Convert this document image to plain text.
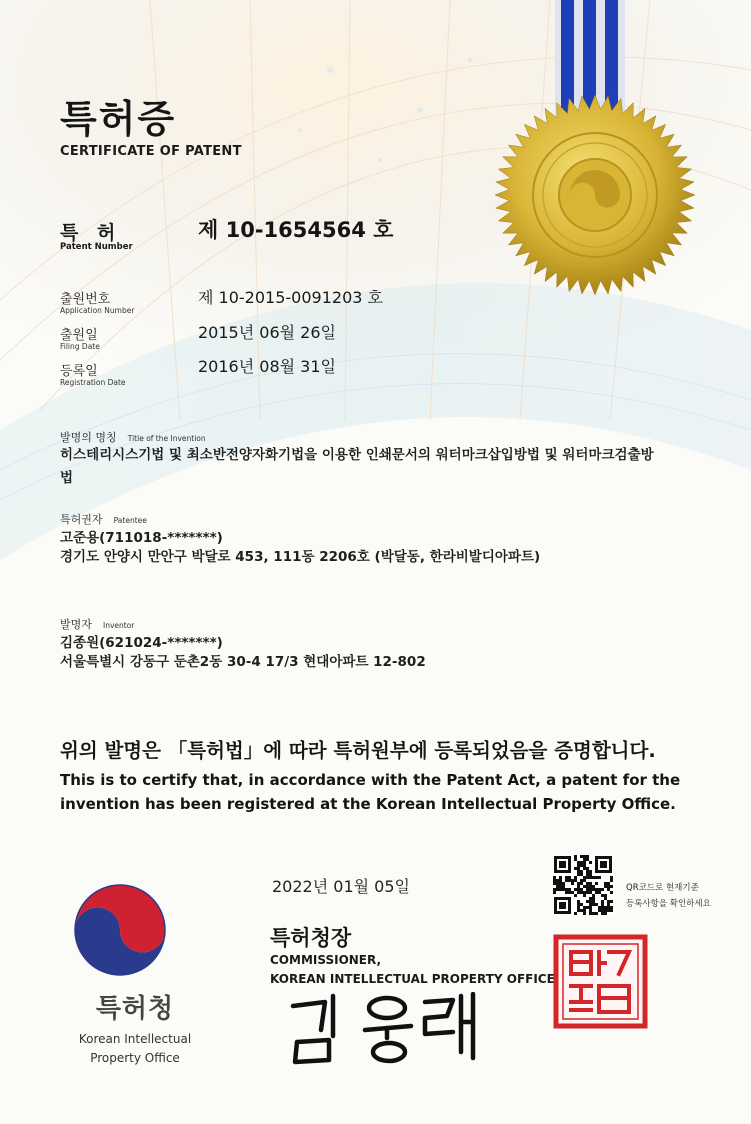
특허증
CERTIFICATE OF PATENT
특 허
Patent Number
제 10-1654564 호
출원번호
Application Number
제 10-2015-0091203 호
출원일
Filing Date
2015년 06월 26일
등록일
Registration Date
2016년 08월 31일
발명의 명칭 Title of the Invention
히스테리시스기법 및 최소반전양자화기법을 이용한 인쇄문서의 워터마크삽입방법 및 워터마크검출방
법
특허권자 Patentee
고준용(711018-*******)
경기도 안양시 만안구 박달로 453, 111동 2206호 (박달동, 한라비발디아파트)
발명자 Inventor
김종원(621024-*******)
서울특별시 강동구 둔촌2동 30-4 17/3 현대아파트 12-802
위의 발명은 「특허법」에 따라 특허원부에 등록되었음을 증명합니다.
This is to certify that, in accordance with the Patent Act, a patent for the
invention has been registered at the Korean Intellectual Property Office.
2022년 01월 05일
특허청장
COMMISSIONER,
KOREAN INTELLECTUAL PROPERTY OFFICE
QR코드로 현재기준
등록사항을 확인하세요
특허청
Korean Intellectual
Property Office
